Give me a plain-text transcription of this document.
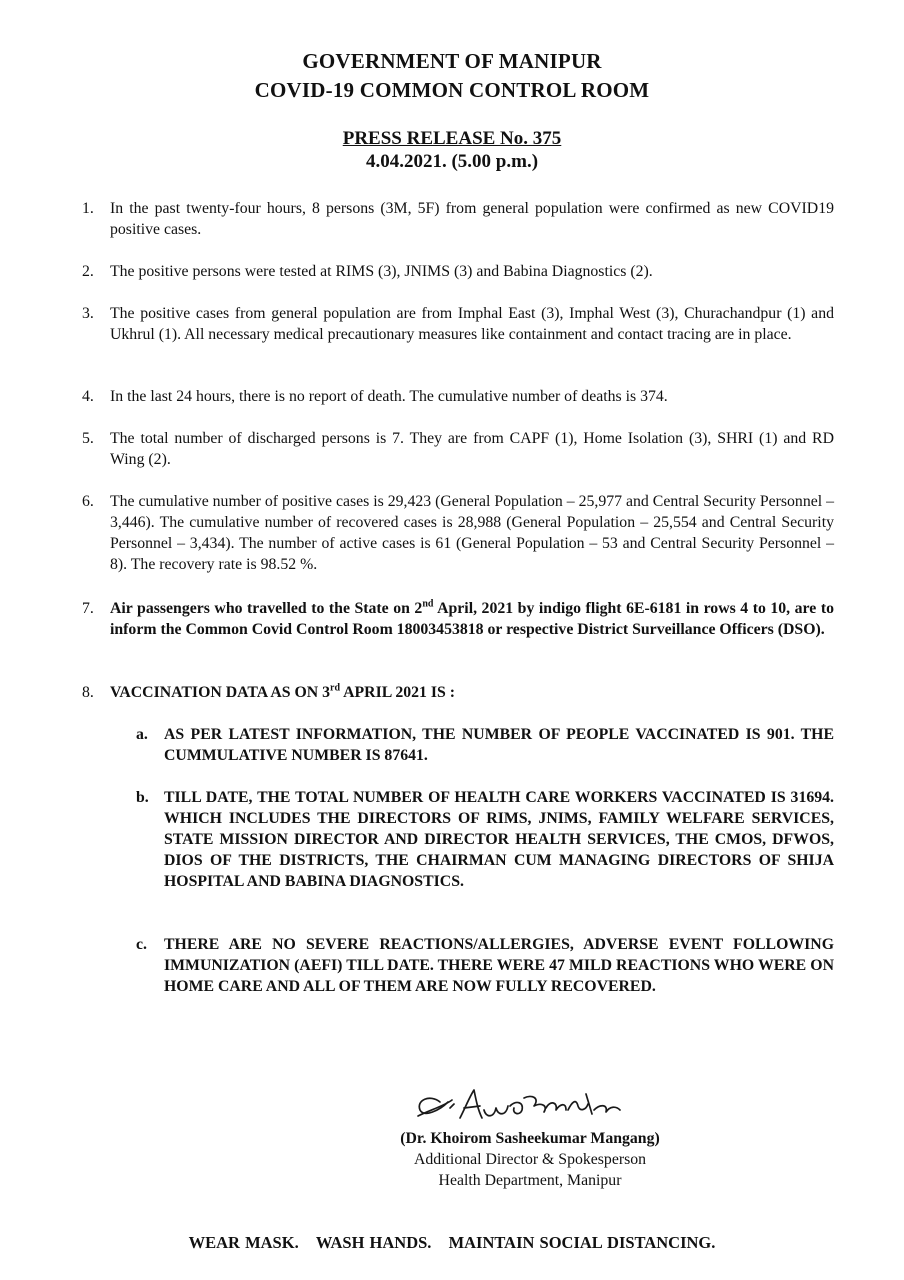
GOVERNMENT OF MANIPUR
COVID-19 COMMON CONTROL ROOM
PRESS RELEASE No. 375
4.04.2021. (5.00 p.m.)
1.	In the past twenty-four hours, 8 persons (3M, 5F) from general population were confirmed as new COVID19 positive cases.
2.	The positive persons were tested at RIMS (3), JNIMS (3) and Babina Diagnostics (2).
3.	The positive cases from general population are from Imphal East (3), Imphal West (3), Churachandpur (1) and Ukhrul (1). All necessary medical precautionary measures like containment and contact tracing are in place.
4.	In the last 24 hours, there is no report of death. The cumulative number of deaths is 374.
5.	The total number of discharged persons is 7. They are from CAPF (1), Home Isolation (3), SHRI (1) and RD Wing (2).
6.	The cumulative number of positive cases is 29,423 (General Population – 25,977 and Central Security Personnel – 3,446). The cumulative number of recovered cases is 28,988 (General Population – 25,554 and Central Security Personnel – 3,434). The number of active cases is 61 (General Population – 53 and Central Security Personnel – 8). The recovery rate is 98.52 %.
7.	Air passengers who travelled to the State on 2nd April, 2021 by indigo flight 6E-6181 in rows 4 to 10, are to inform the Common Covid Control Room 18003453818 or respective District Surveillance Officers (DSO).
8.	VACCINATION DATA AS ON 3rd APRIL 2021 IS :
a.	AS PER LATEST INFORMATION, THE NUMBER OF PEOPLE VACCINATED IS 901. THE CUMMULATIVE NUMBER IS 87641.
b. TILL DATE, THE TOTAL NUMBER OF HEALTH CARE WORKERS VACCINATED IS 31694. WHICH INCLUDES THE DIRECTORS OF RIMS, JNIMS, FAMILY WELFARE SERVICES, STATE MISSION DIRECTOR AND DIRECTOR HEALTH SERVICES, THE CMOS, DFWOS, DIOS OF THE DISTRICTS, THE CHAIRMAN CUM MANAGING DIRECTORS OF SHIJA HOSPITAL AND BABINA DIAGNOSTICS.
c.	THERE ARE NO SEVERE REACTIONS/ALLERGIES, ADVERSE EVENT FOLLOWING IMMUNIZATION (AEFI) TILL DATE. THERE WERE 47 MILD REACTIONS WHO WERE ON HOME CARE AND ALL OF THEM ARE NOW FULLY RECOVERED.
(Dr. Khoirom Sasheekumar Mangang)
Additional Director & Spokesperson
Health Department, Manipur
WEAR MASK. WASH HANDS. MAINTAIN SOCIAL DISTANCING.
